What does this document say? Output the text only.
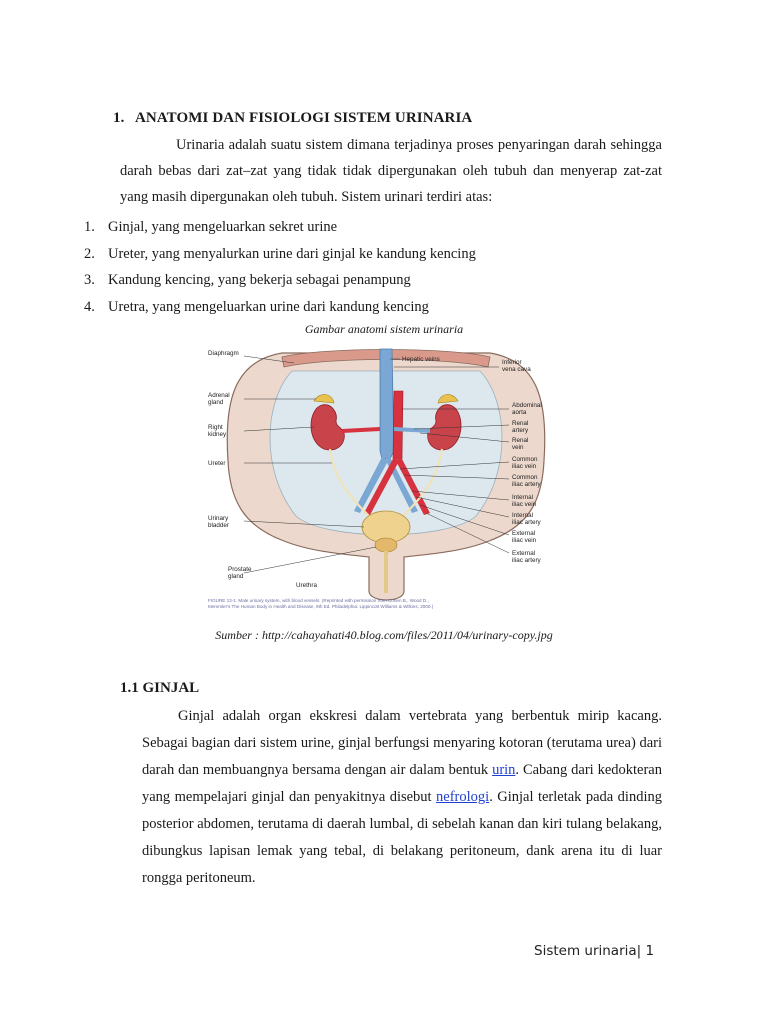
1. ANATOMI DAN FISIOLOGI SISTEM URINARIA
Urinaria adalah suatu sistem dimana terjadinya proses penyaringan darah sehingga darah bebas dari zat–zat yang tidak tidak dipergunakan oleh tubuh dan menyerap zat-zat yang masih dipergunakan oleh tubuh. Sistem urinari terdiri atas:
1. Ginjal, yang mengeluarkan sekret urine
2. Ureter, yang menyalurkan urine dari ginjal ke kandung kencing
3. Kandung kencing, yang bekerja sebagai penampung
4. Uretra, yang mengeluarkan urine dari kandung kencing
Gambar anatomi sistem urinaria
Diaphragm
Adrenal
gland
Right
kidney
Ureter
Urinary
bladder
Prostate
gland
Hepatic veins	Inferior
vena cava
Abdominal
aorta
Renal
artery
Renal
vein
Common
iliac vein
Common
iliac artery
Internal
iliac vein
Internal
iliac artery
External
iliac vein
External
iliac artery
Urethra
FIGURE 13-1. Male urinary system, with blood vessels. (Reprinted with permission from Cohen B., Wood D.,
Memmler's The Human Body in Health and Disease, 9th Ed. Philadelphia: Lippincott Williams & Wilkins, 2000.)
Sumber : http://cahayahati40.blog.com/files/2011/04/urinary-copy.jpg
1.1 GINJAL
Ginjal adalah organ ekskresi dalam vertebrata yang berbentuk mirip kacang. Sebagai bagian dari sistem urine, ginjal berfungsi menyaring kotoran (terutama urea) dari darah dan membuangnya bersama dengan air dalam bentuk urin. Cabang dari kedokteran yang mempelajari ginjal dan penyakitnya disebut nefrologi. Ginjal terletak pada dinding posterior abdomen, terutama di daerah lumbal, di sebelah kanan dan kiri tulang belakang, dibungkus lapisan lemak yang tebal, di belakang peritoneum, dank arena itu di luar rongga peritoneum.
Sistem urinaria| 1
